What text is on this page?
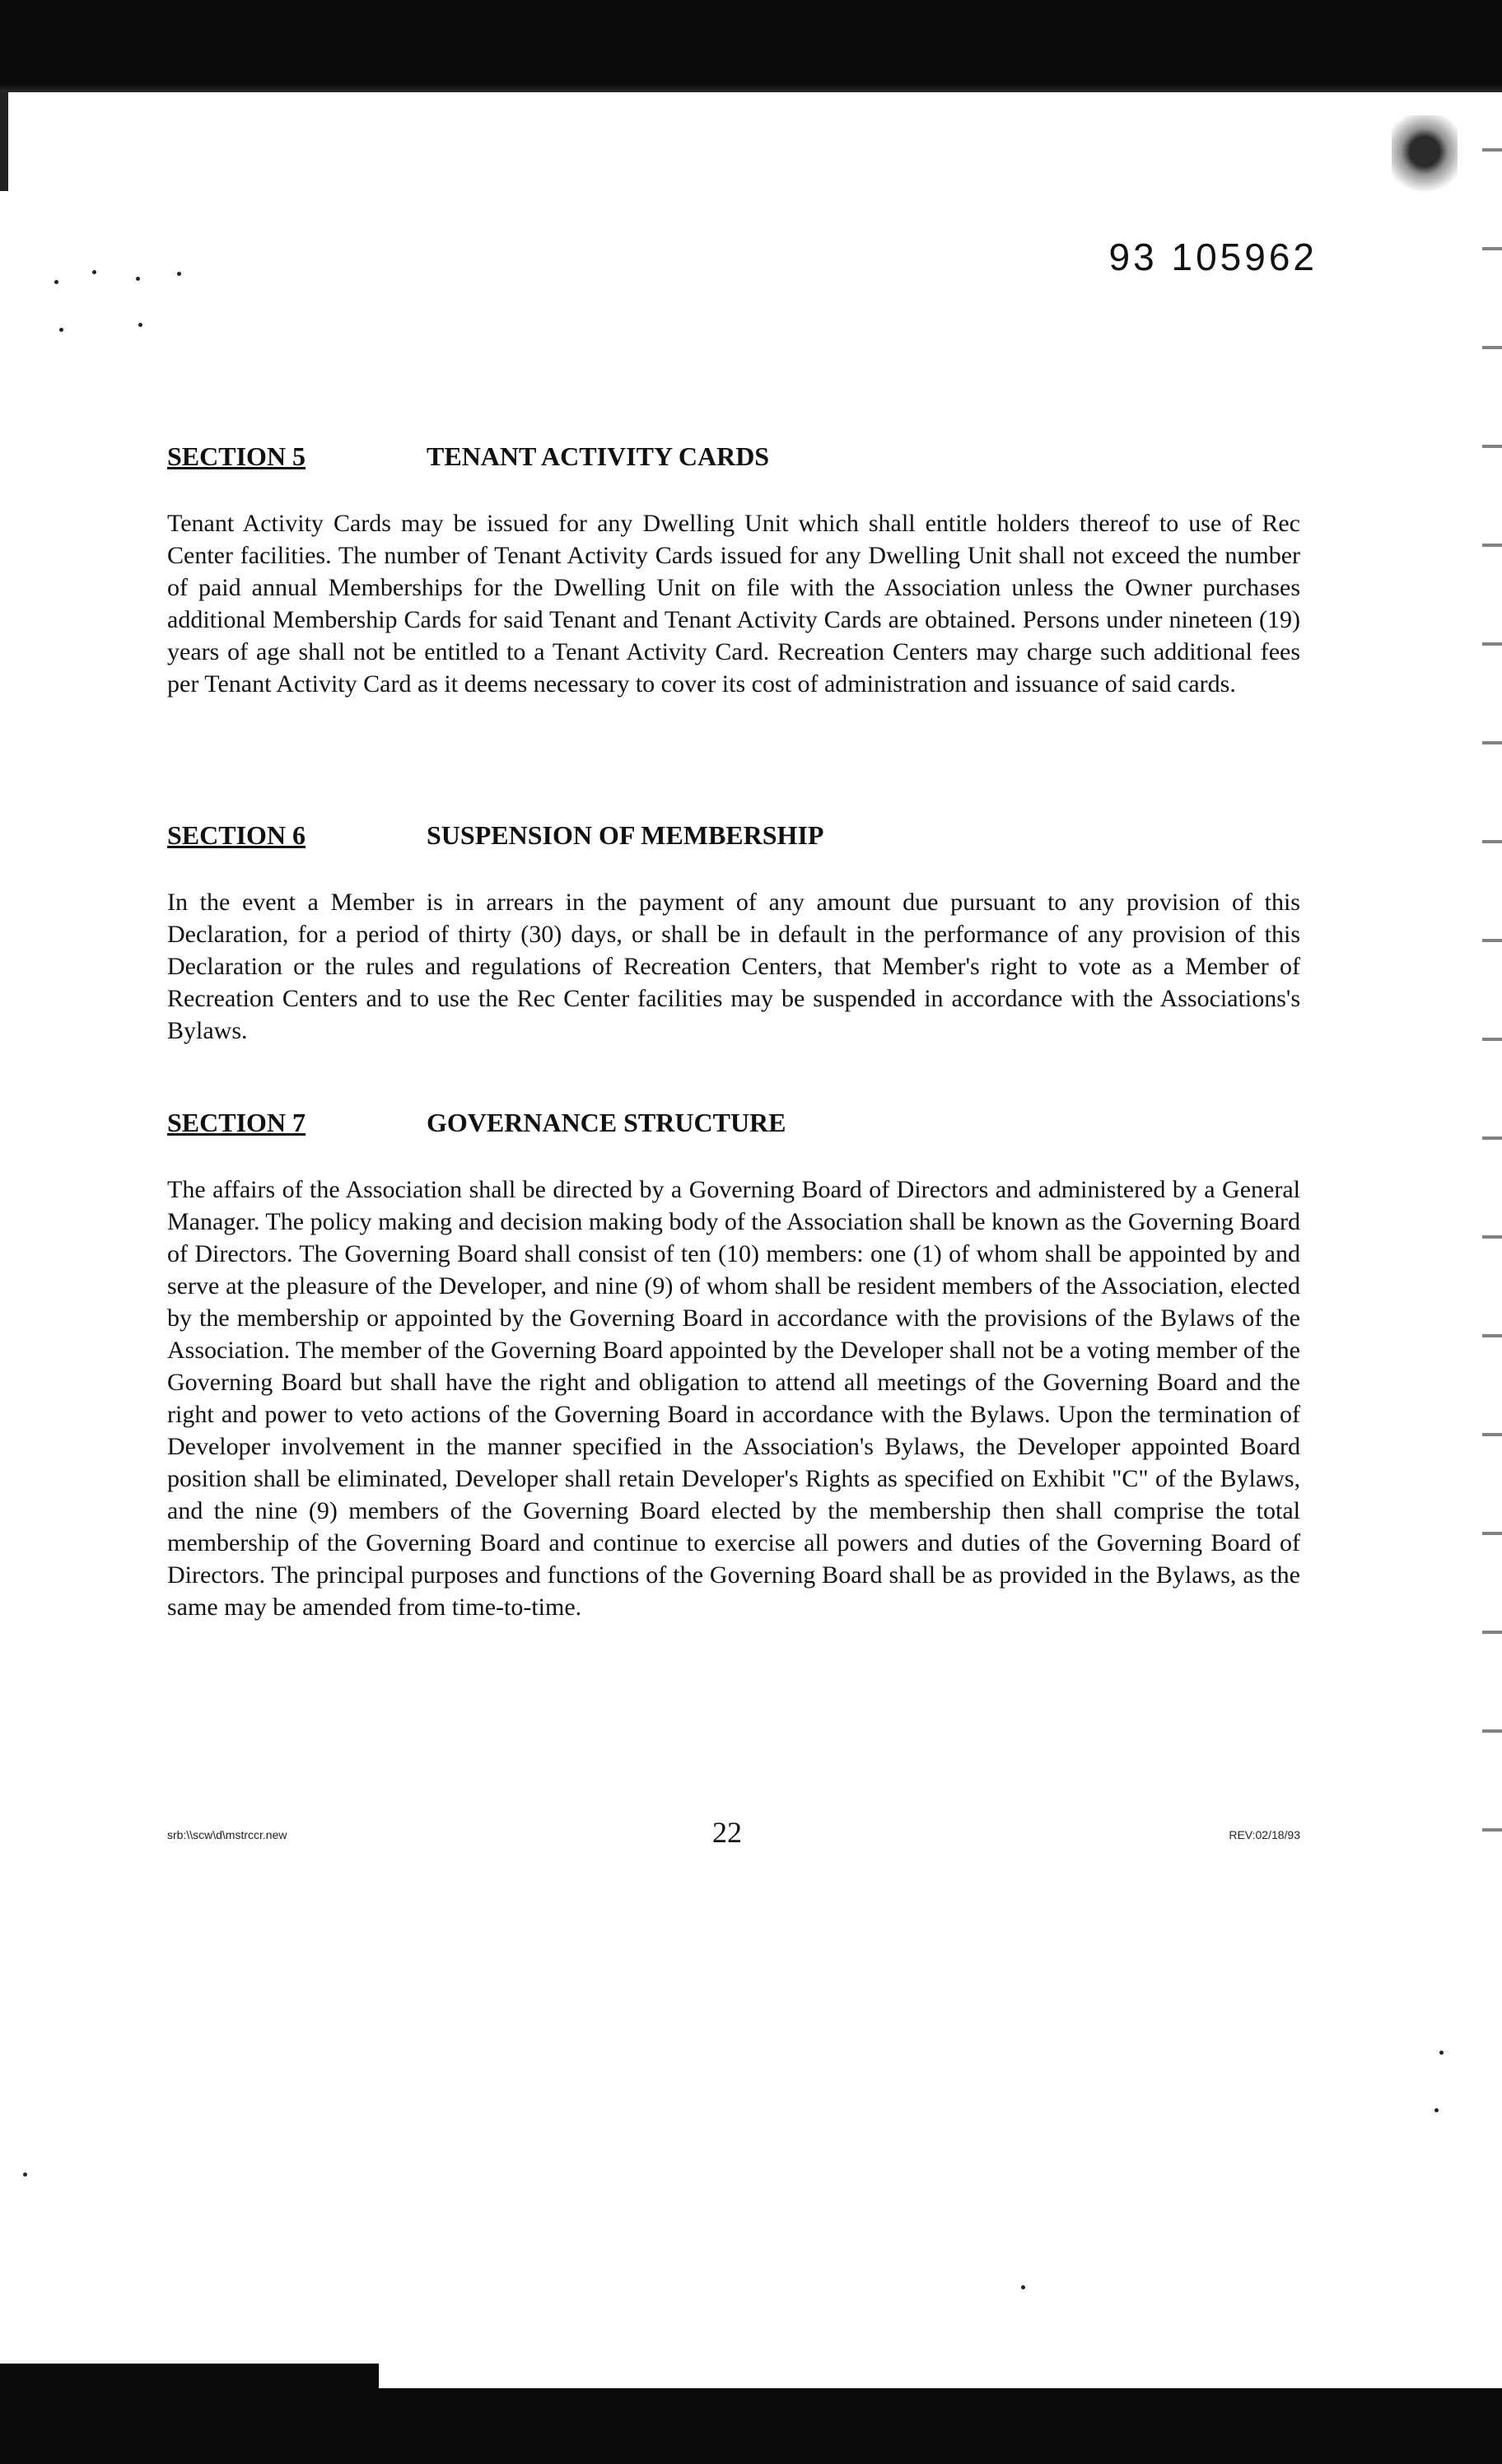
93 105962
SECTION 5	TENANT ACTIVITY CARDS
Tenant Activity Cards may be issued for any Dwelling Unit which shall entitle holders thereof to use of Rec Center facilities. The number of Tenant Activity Cards issued for any Dwelling Unit shall not exceed the number of paid annual Memberships for the Dwelling Unit on file with the Association unless the Owner purchases additional Membership Cards for said Tenant and Tenant Activity Cards are obtained. Persons under nineteen (19) years of age shall not be entitled to a Tenant Activity Card. Recreation Centers may charge such additional fees per Tenant Activity Card as it deems necessary to cover its cost of administration and issuance of said cards.
SECTION 6	SUSPENSION OF MEMBERSHIP
In the event a Member is in arrears in the payment of any amount due pursuant to any provision of this Declaration, for a period of thirty (30) days, or shall be in default in the performance of any provision of this Declaration or the rules and regulations of Recreation Centers, that Member's right to vote as a Member of Recreation Centers and to use the Rec Center facilities may be suspended in accordance with the Associations's Bylaws.
SECTION 7	GOVERNANCE STRUCTURE
The affairs of the Association shall be directed by a Governing Board of Directors and administered by a General Manager. The policy making and decision making body of the Association shall be known as the Governing Board of Directors. The Governing Board shall consist of ten (10) members: one (1) of whom shall be appointed by and serve at the pleasure of the Developer, and nine (9) of whom shall be resident members of the Association, elected by the membership or appointed by the Governing Board in accordance with the provisions of the Bylaws of the Association. The member of the Governing Board appointed by the Developer shall not be a voting member of the Governing Board but shall have the right and obligation to attend all meetings of the Governing Board and the right and power to veto actions of the Governing Board in accordance with the Bylaws. Upon the termination of Developer involvement in the manner specified in the Association's Bylaws, the Developer appointed Board position shall be eliminated, Developer shall retain Developer's Rights as specified on Exhibit "C" of the Bylaws, and the nine (9) members of the Governing Board elected by the membership then shall comprise the total membership of the Governing Board and continue to exercise all powers and duties of the Governing Board of Directors. The principal purposes and functions of the Governing Board shall be as provided in the Bylaws, as the same may be amended from time-to-time.
srb:\\scw\d\mstrccr.new	22	REV:02/18/93
